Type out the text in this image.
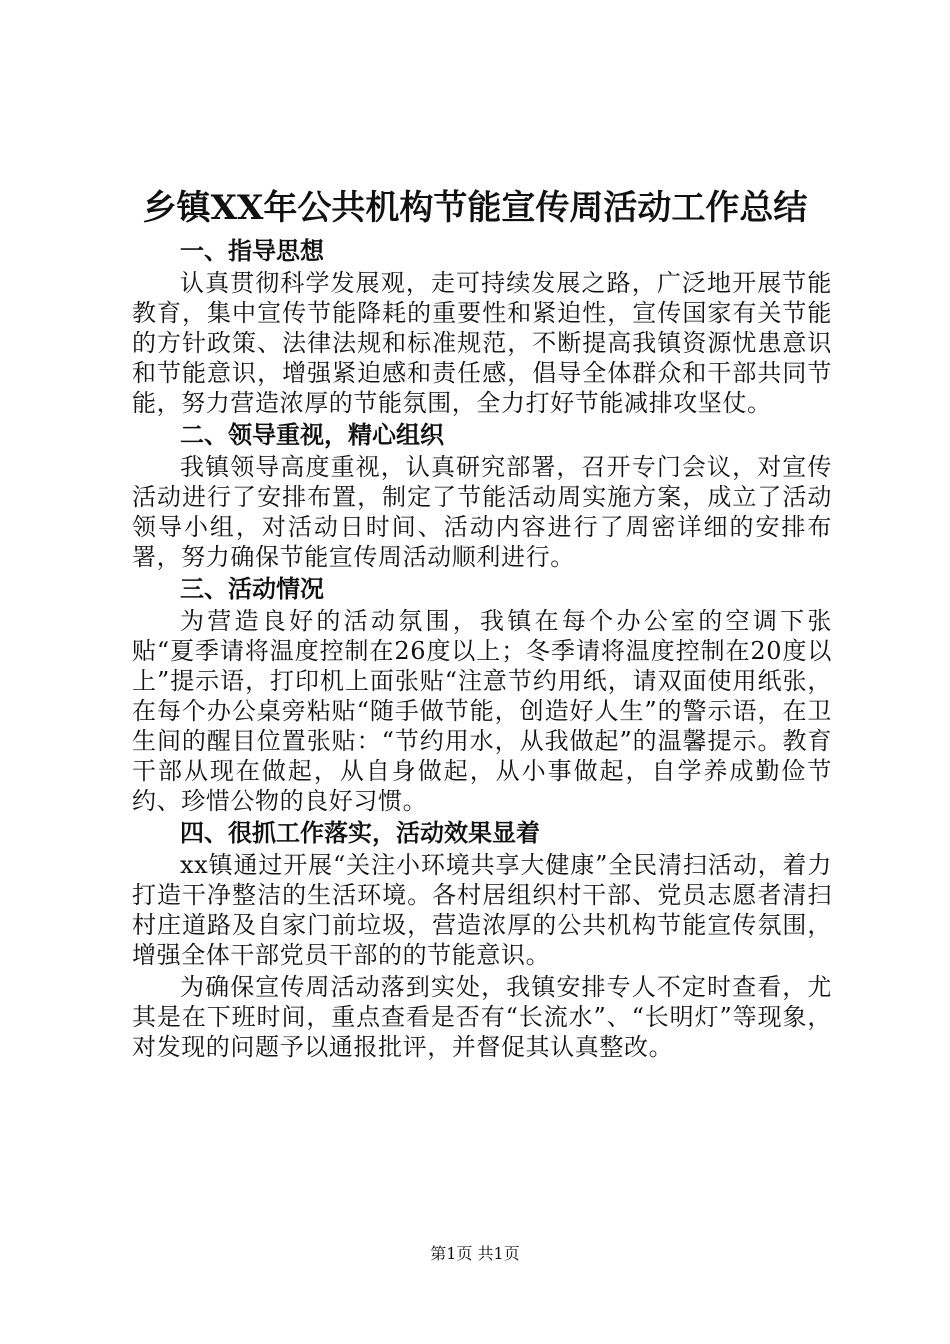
乡镇XX年公共机构节能宣传周活动工作总结
一、指导思想

认真贯彻科学发展观，走可持续发展之路，广泛地开展节能教育，集中宣传节能降耗的重要性和紧迫性，宣传国家有关节能的方针政策、法律法规和标准规范，不断提高我镇资源忧患意识和节能意识，增强紧迫感和责任感，倡导全体群众和干部共同节能，努力营造浓厚的节能氛围，全力打好节能减排攻坚仗。

二、领导重视，精心组织

我镇领导高度重视，认真研究部署，召开专门会议，对宣传活动进行了安排布置，制定了节能活动周实施方案，成立了活动领导小组，对活动日时间、活动内容进行了周密详细的安排布署，努力确保节能宣传周活动顺利进行。

三、活动情况

为营造良好的活动氛围，我镇在每个办公室的空调下张贴“夏季请将温度控制在26度以上；冬季请将温度控制在20度以上”提示语，打印机上面张贴“注意节约用纸，请双面使用纸张，在每个办公桌旁粘贴“随手做节能，创造好人生”的警示语，在卫生间的醒目位置张贴：“节约用水，从我做起”的温馨提示。教育干部从现在做起，从自身做起，从小事做起，自学养成勤俭节约、珍惜公物的良好习惯。

四、很抓工作落实，活动效果显着

xx镇通过开展“关注小环境共享大健康”全民清扫活动，着力打造干净整洁的生活环境。各村居组织村干部、党员志愿者清扫村庄道路及自家门前垃圾，营造浓厚的公共机构节能宣传氛围，增强全体干部党员干部的的节能意识。

为确保宣传周活动落到实处，我镇安排专人不定时查看，尤其是在下班时间，重点查看是否有“长流水”、“长明灯”等现象，对发现的问题予以通报批评，并督促其认真整改。

第1页 共1页
